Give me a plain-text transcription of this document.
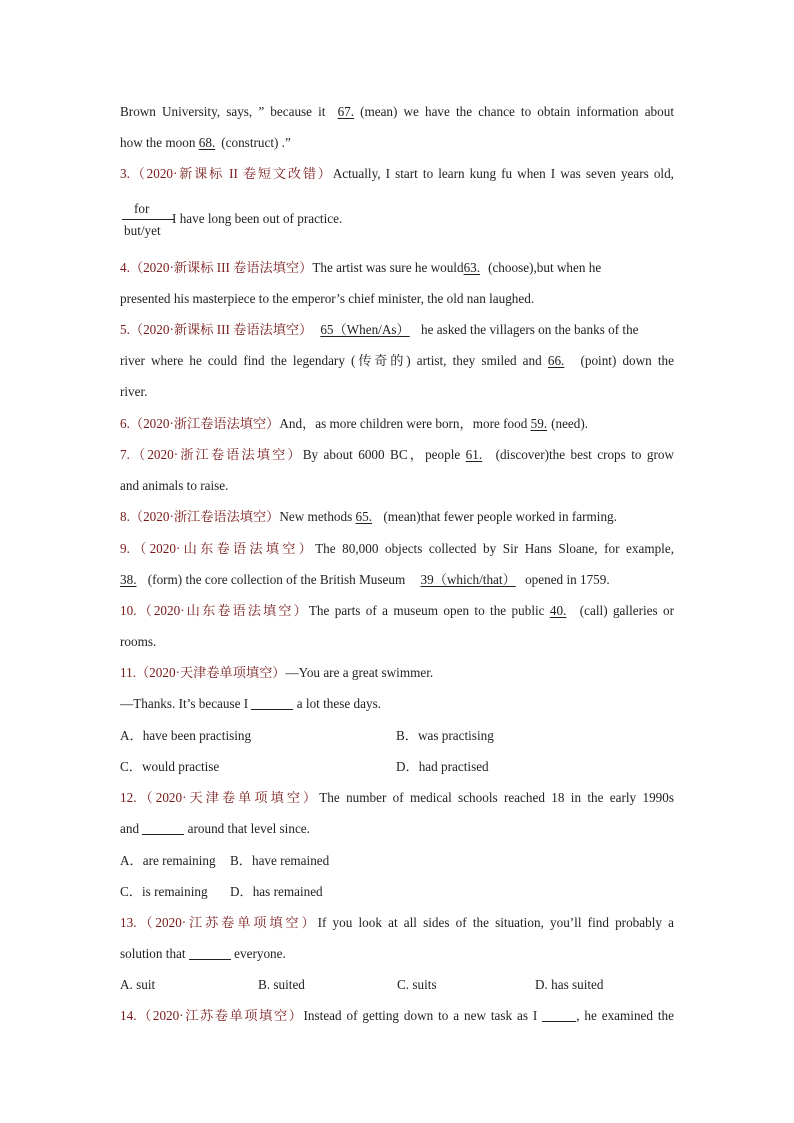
Brown University, says, ” because it 67. (mean) we have the chance to obtain information about
how the moon 68. (construct) .”
3.（2020·新课标 II 卷短文改错）Actually, I start to learn kung fu when I was seven years old,
for
but/yet
I have long been out of practice.
4.（2020·新课标 III 卷语法填空）The artist was sure he would63. (choose),but when he
presented his masterpiece to the emperor’s chief minister, the old nan laughed.
5.（2020·新课标 III 卷语法填空） 65（When/As） he asked the villagers on the banks of the
river where he could find the legendary (传奇的) artist, they smiled and 66. (point) down the
river.
6.（2020·浙江卷语法填空）And，as more children were born，more food 59. (need).
7.（2020·浙江卷语法填空）By about 6000 BC，people 61. (discover)the best crops to grow
and animals to raise.
8.（2020·浙江卷语法填空）New methods 65. (mean)that fewer people worked in farming.
9.（2020·山东卷语法填空）The 80,000 objects collected by Sir Hans Sloane, for example,
38. (form) the core collection of the British Museum 39（which/that） opened in 1759.
10.（2020·山东卷语法填空）The parts of a museum open to the public 40. (call) galleries or
rooms.
11.（2020·天津卷单项填空）—You are a great swimmer.
—Thanks. It’s because I	a lot these days.
A．have been practising	B．was practising
C．would practise	D．had practised
12.（2020·天津卷单项填空）The number of medical schools reached 18 in the early 1990s
and	around that level since.
A．are remaining B．have remained
C．is remaining D．has remained
13.（2020·江苏卷单项填空）If you look at all sides of the situation, you’ll find probably a
solution that	everyone.
A. suit	B. suited	C. suits	D. has suited
14.（2020·江苏卷单项填空）Instead of getting down to a new task as I	, he examined the
